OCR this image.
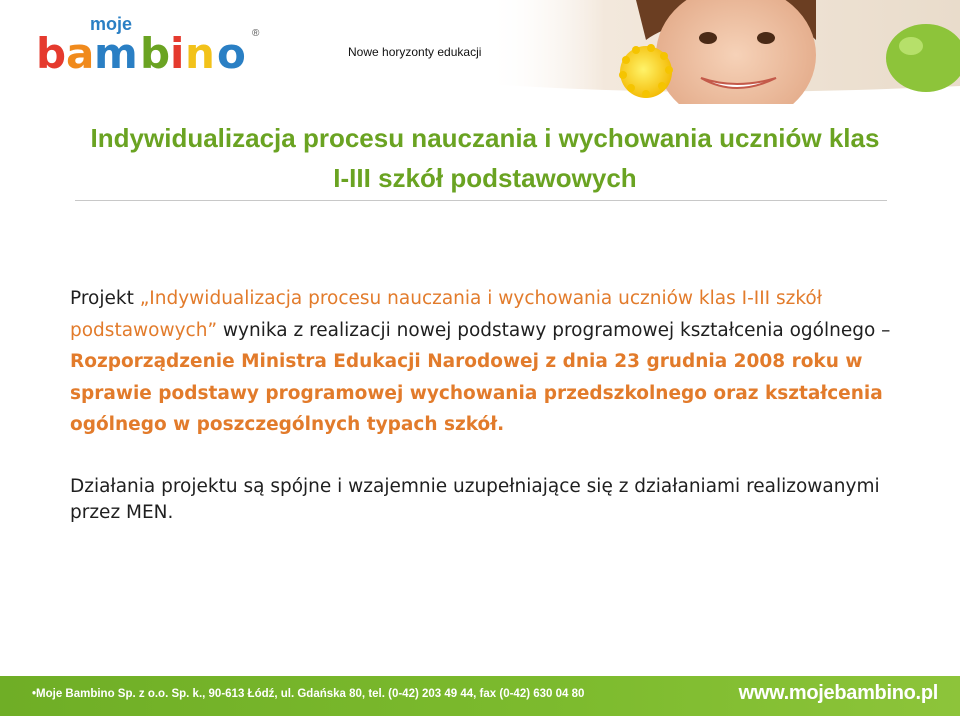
moje
b a m b i n o ®
Nowe horyzonty edukacji
Indywidualizacja procesu nauczania i wychowania uczniów klas
I-III szkół podstawowych
Projekt „Indywidualizacja procesu nauczania i wychowania uczniów klas I-III szkół podstawowych” wynika z realizacji nowej podstawy programowej kształcenia ogólnego – Rozporządzenie Ministra Edukacji Narodowej z dnia 23 grudnia 2008 roku w sprawie podstawy programowej wychowania przedszkolnego oraz kształcenia ogólnego w poszczególnych typach szkół.
Działania projektu są spójne i wzajemnie uzupełniające się z działaniami realizowanymi przez MEN.
•Moje Bambino Sp. z o.o. Sp. k., 90-613 Łódź, ul. Gdańska 80, tel. (0-42) 203 49 44, fax (0-42) 630 04 80	www.mojebambino.pl
